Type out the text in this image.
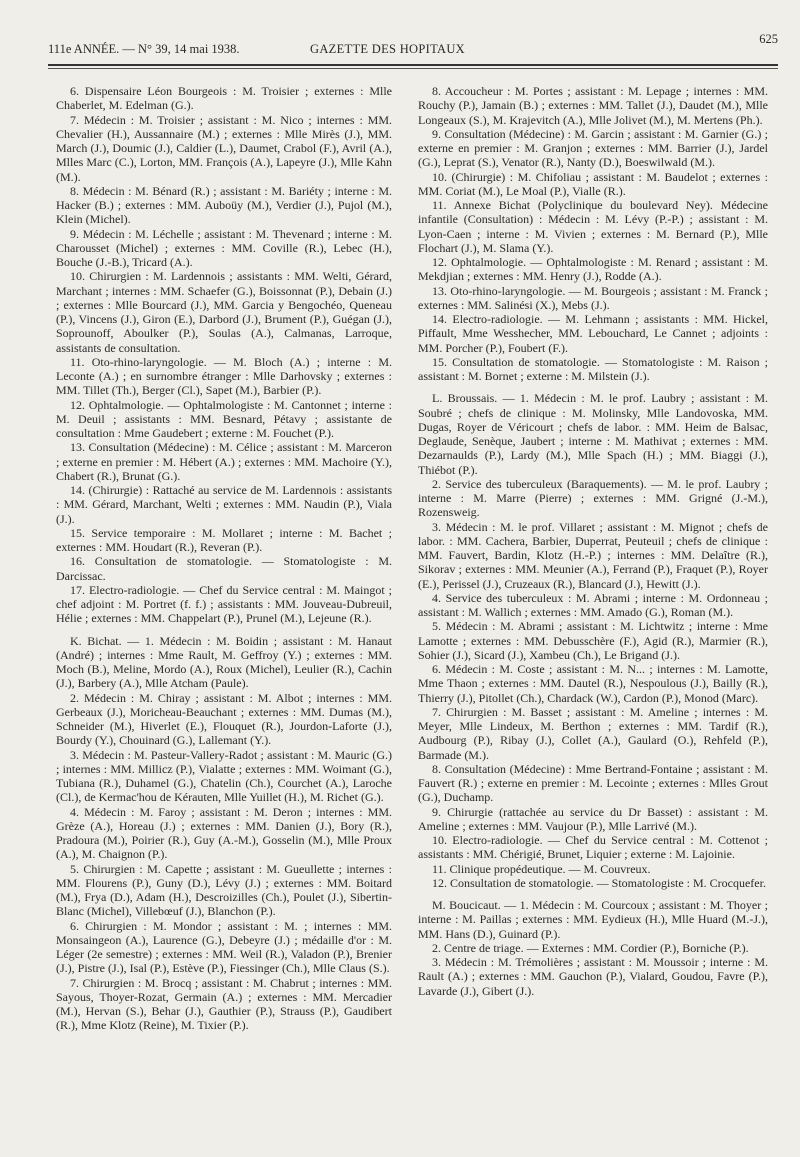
111e ANNÉE. — N° 39, 14 mai 1938.	GAZETTE DES HOPITAUX
625

6. Dispensaire Léon Bourgeois : M. Troisier ; externes : Mlle Chaberlet, M. Edelman (G.).

7. Médecin : M. Troisier ; assistant : M. Nico ; internes : MM. Chevalier (H.), Aussannaire (M.) ; externes : Mlle Mirès (J.), MM. March (J.), Doumic (J.), Caldier (L.), Daumet, Crabol (F.), Avril (A.), Mlles Marc (C.), Lorton, MM. François (A.), Lapeyre (J.), Mlle Kahn (M.).

8. Médecin : M. Bénard (R.) ; assistant : M. Bariéty ; interne : M. Hacker (B.) ; externes : MM. Auboüy (M.), Verdier (J.), Pujol (M.), Klein (Michel).

9. Médecin : M. Léchelle ; assistant : M. Thevenard ; interne : M. Charousset (Michel) ; externes : MM. Coville (R.), Lebec (H.), Bouche (J.-B.), Tricard (A.).

10. Chirurgien : M. Lardennois ; assistants : MM. Welti, Gérard, Marchant ; internes : MM. Schaefer (G.), Boissonnat (P.), Debain (J.) ; externes : Mlle Bourcard (J.), MM. Garcia y Bengochéo, Queneau (P.), Vincens (J.), Giron (E.), Darbord (J.), Brument (P.), Guégan (J.), Soprounoff, Aboulker (P.), Soulas (A.), Calmanas, Larroque, assistants de consultation.

11. Oto-rhino-laryngologie. — M. Bloch (A.) ; interne : M. Leconte (A.) ; en surnombre étranger : Mlle Darhovsky ; externes : MM. Tillet (Th.), Berger (Cl.), Sapet (M.), Barbier (P.).

12. Ophtalmologie. — Ophtalmologiste : M. Cantonnet ; interne : M. Deuil ; assistants : MM. Besnard, Pétavy ; assistante de consultation : Mme Gaudebert ; externe : M. Fouchet (P.).

13. Consultation (Médecine) : M. Célice ; assistant : M. Marceron ; externe en premier : M. Hébert (A.) ; externes : MM. Machoire (Y.), Chabert (R.), Brunat (G.).

14. (Chirurgie) : Rattaché au service de M. Lardennois : assistants : MM. Gérard, Marchant, Welti ; externes : MM. Naudin (P.), Viala (J.).

15. Service temporaire : M. Mollaret ; interne : M. Bachet ; externes : MM. Houdart (R.), Reveran (P.).

16. Consultation de stomatologie. — Stomatologiste : M. Darcissac.

17. Electro-radiologie. — Chef du Service central : M. Maingot ; chef adjoint : M. Portret (f. f.) ; assistants : MM. Jouveau-Dubreuil, Hélie ; externes : MM. Chappelart (P.), Prunel (M.), Lejeune (R.).

K. Bichat. — 1. Médecin : M. Boidin ; assistant : M. Hanaut (André) ; internes : Mme Rault, M. Geffroy (Y.) ; externes : MM. Moch (B.), Meline, Mordo (A.), Roux (Michel), Leulier (R.), Cachin (J.), Barbery (A.), Mlle Atcham (Paule).

2. Médecin : M. Chiray ; assistant : M. Albot ; internes : MM. Gerbeaux (J.), Moricheau-Beauchant ; externes : MM. Dumas (M.), Schneider (M.), Hiverlet (E.), Flouquet (R.), Jourdon-Laforte (J.), Bourdy (Y.), Chouinard (G.), Lallemant (Y.).

3. Médecin : M. Pasteur-Vallery-Radot ; assistant : M. Mauric (G.) ; internes : MM. Millicz (P.), Vialatte ; externes : MM. Woimant (G.), Tubiana (R.), Duhamel (G.), Chatelin (Ch.), Courchet (A.), Laroche (Cl.), de Kermac'hou de Kérauten, Mlle Yuillet (H.), M. Richet (G.).

4. Médecin : M. Faroy ; assistant : M. Deron ; internes : MM. Grèze (A.), Horeau (J.) ; externes : MM. Danien (J.), Bory (R.), Pradoura (M.), Poirier (R.), Guy (A.-M.), Gosselin (M.), Mlle Proux (A.), M. Chaignon (P.).

5. Chirurgien : M. Capette ; assistant : M. Gueullette ; internes : MM. Flourens (P.), Guny (D.), Lévy (J.) ; externes : MM. Boitard (M.), Frya (D.), Adam (H.), Descroizilles (Ch.), Poulet (J.), Sibertin-Blanc (Michel), Villebœuf (J.), Blanchon (P.).

6. Chirurgien : M. Mondor ; assistant : M. ; internes : MM. Monsaingeon (A.), Laurence (G.), Debeyre (J.) ; médaille d'or : M. Léger (2e semestre) ; externes : MM. Weil (R.), Valadon (P.), Brenier (J.), Pistre (J.), Isal (P.), Estève (P.), Fiessinger (Ch.), Mlle Claus (S.).

7. Chirurgien : M. Brocq ; assistant : M. Chabrut ; internes : MM. Sayous, Thoyer-Rozat, Germain (A.) ; externes : MM. Mercadier (M.), Hervan (S.), Behar (J.), Gauthier (P.), Strauss (P.), Gaudibert (R.), Mme Klotz (Reine), M. Tixier (P.).

8. Accoucheur : M. Portes ; assistant : M. Lepage ; internes : MM. Rouchy (P.), Jamain (B.) ; externes : MM. Tallet (J.), Daudet (M.), Mlle Longeaux (S.), M. Krajevitch (A.), Mlle Jolivet (M.), M. Mertens (Ph.).

9. Consultation (Médecine) : M. Garcin ; assistant : M. Garnier (G.) ; externe en premier : M. Granjon ; externes : MM. Barrier (J.), Jardel (G.), Leprat (S.), Venator (R.), Nanty (D.), Boeswilwald (M.).

10. (Chirurgie) : M. Chifoliau ; assistant : M. Baudelot ; externes : MM. Coriat (M.), Le Moal (P.), Vialle (R.).

11. Annexe Bichat (Polyclinique du boulevard Ney). Médecine infantile (Consultation) : Médecin : M. Lévy (P.-P.) ; assistant : M. Lyon-Caen ; interne : M. Vivien ; externes : M. Bernard (P.), Mlle Flochart (J.), M. Slama (Y.).

12. Ophtalmologie. — Ophtalmologiste : M. Renard ; assistant : M. Mekdjian ; externes : MM. Henry (J.), Rodde (A.).

13. Oto-rhino-laryngologie. — M. Bourgeois ; assistant : M. Franck ; externes : MM. Salinési (X.), Mebs (J.).

14. Electro-radiologie. — M. Lehmann ; assistants : MM. Hickel, Piffault, Mme Wesshecher, MM. Lebouchard, Le Cannet ; adjoints : MM. Porcher (P.), Foubert (F.).

15. Consultation de stomatologie. — Stomatologiste : M. Raison ; assistant : M. Bornet ; externe : M. Milstein (J.).

L. Broussais. — 1. Médecin : M. le prof. Laubry ; assistant : M. Soubré ; chefs de clinique : M. Molinsky, Mlle Landovoska, MM. Dugas, Royer de Véricourt ; chefs de labor. : MM. Heim de Balsac, Deglaude, Senèque, Jaubert ; interne : M. Mathivat ; externes : MM. Dezarnaulds (P.), Lardy (M.), Mlle Spach (H.) ; MM. Biaggi (J.), Thiébot (P.).

2. Service des tuberculeux (Baraquements). — M. le prof. Laubry ; interne : M. Marre (Pierre) ; externes : MM. Grigné (J.-M.), Rozensweig.

3. Médecin : M. le prof. Villaret ; assistant : M. Mignot ; chefs de labor. : MM. Cachera, Barbier, Duperrat, Peuteuil ; chefs de clinique : MM. Fauvert, Bardin, Klotz (H.-P.) ; internes : MM. Delaître (R.), Sikorav ; externes : MM. Meunier (A.), Ferrand (P.), Fraquet (P.), Royer (E.), Perissel (J.), Cruzeaux (R.), Blancard (J.), Hewitt (J.).

4. Service des tuberculeux : M. Abrami ; interne : M. Ordonneau ; assistant : M. Wallich ; externes : MM. Amado (G.), Roman (M.).

5. Médecin : M. Abrami ; assistant : M. Lichtwitz ; interne : Mme Lamotte ; externes : MM. Debusschère (F.), Agid (R.), Marmier (R.), Sohier (J.), Sicard (J.), Xambeu (Ch.), Le Brigand (J.).

6. Médecin : M. Coste ; assistant : M. N... ; internes : M. Lamotte, Mme Thaon ; externes : MM. Dautel (R.), Nespoulous (J.), Bailly (R.), Thierry (J.), Pitollet (Ch.), Chardack (W.), Cardon (P.), Monod (Marc).

7. Chirurgien : M. Basset ; assistant : M. Ameline ; internes : M. Meyer, Mlle Lindeux, M. Berthon ; externes : MM. Tardif (R.), Audbourg (P.), Ribay (J.), Collet (A.), Gaulard (O.), Rehfeld (P.), Barmade (M.).

8. Consultation (Médecine) : Mme Bertrand-Fontaine ; assistant : M. Fauvert (R.) ; externe en premier : M. Lecointe ; externes : Mlles Grout (G.), Duchamp.

9. Chirurgie (rattachée au service du Dr Basset) : assistant : M. Ameline ; externes : MM. Vaujour (P.), Mlle Larrivé (M.).

10. Electro-radiologie. — Chef du Service central : M. Cottenot ; assistants : MM. Chérigié, Brunet, Liquier ; externe : M. Lajoinie.

11. Clinique propédeutique. — M. Couvreux.

12. Consultation de stomatologie. — Stomatologiste : M. Crocquefer.

M. Boucicaut. — 1. Médecin : M. Courcoux ; assistant : M. Thoyer ; interne : M. Paillas ; externes : MM. Eydieux (H.), Mlle Huard (M.-J.), MM. Hans (D.), Guinard (P.).

2. Centre de triage. — Externes : MM. Cordier (P.), Borniche (P.).

3. Médecin : M. Trémolières ; assistant : M. Moussoir ; interne : M. Rault (A.) ; externes : MM. Gauchon (P.), Vialard, Goudou, Favre (P.), Lavarde (J.), Gibert (J.).
